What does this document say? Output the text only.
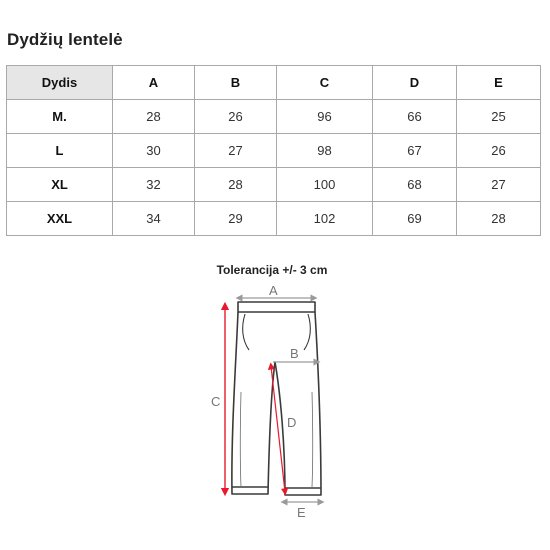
Dydžių lentelė
Dydis	A	B	C	D	E
M.	28	26	96	66	25
L	30	27	98	67	26
XL	32	28	100	68	27
XXL	34	29	102	69	28
Tolerancija +/- 3 cm
A
B
C
D
E
